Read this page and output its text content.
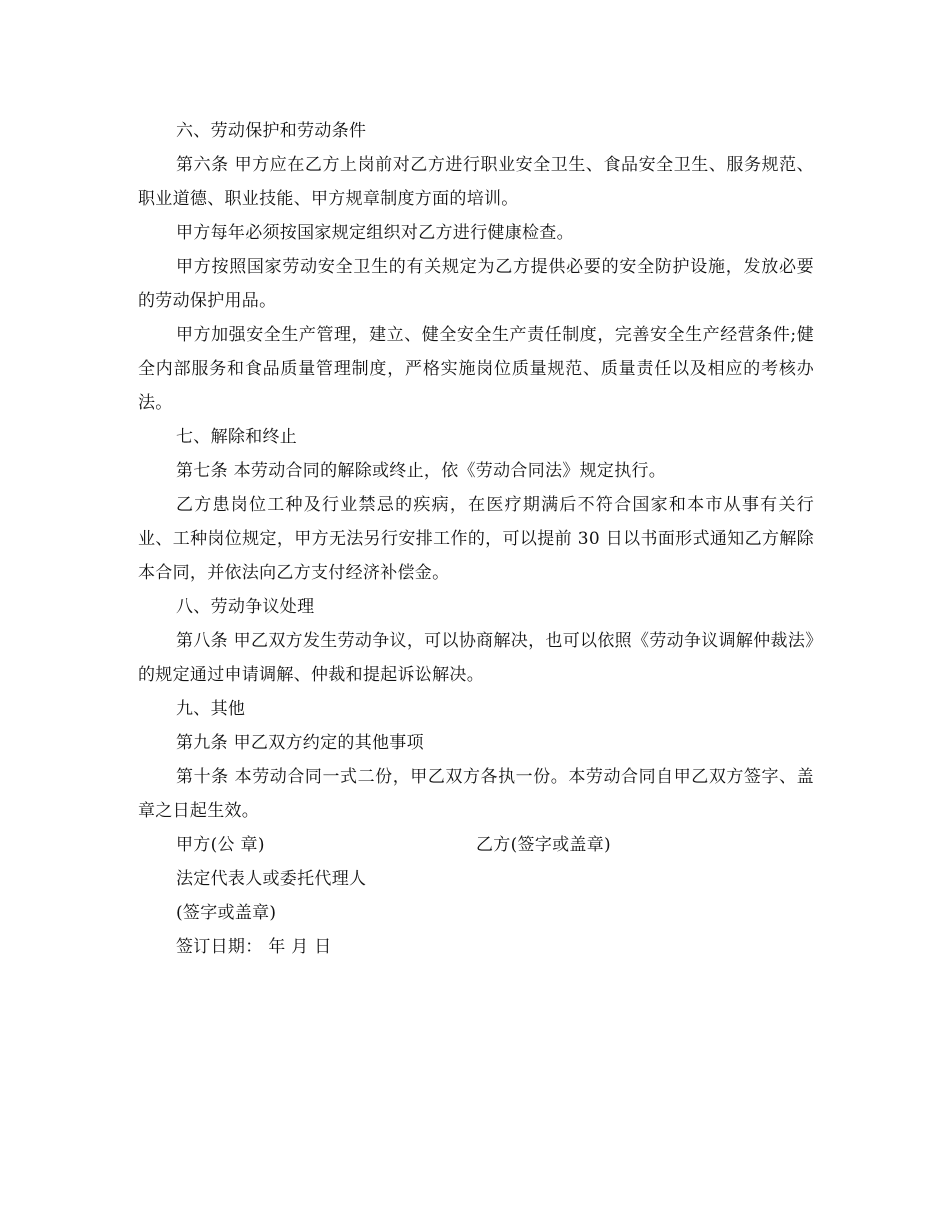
六、劳动保护和劳动条件

第六条 甲方应在乙方上岗前对乙方进行职业安全卫生、食品安全卫生、服务规范、职业道德、职业技能、甲方规章制度方面的培训。

甲方每年必须按国家规定组织对乙方进行健康检查。

甲方按照国家劳动安全卫生的有关规定为乙方提供必要的安全防护设施，发放必要的劳动保护用品。

甲方加强安全生产管理，建立、健全安全生产责任制度，完善安全生产经营条件;健全内部服务和食品质量管理制度，严格实施岗位质量规范、质量责任以及相应的考核办法。

七、解除和终止

第七条 本劳动合同的解除或终止，依《劳动合同法》规定执行。

乙方患岗位工种及行业禁忌的疾病，在医疗期满后不符合国家和本市从事有关行业、工种岗位规定，甲方无法另行安排工作的，可以提前 30 日以书面形式通知乙方解除本合同，并依法向乙方支付经济补偿金。

八、劳动争议处理

第八条 甲乙双方发生劳动争议，可以协商解决，也可以依照《劳动争议调解仲裁法》的规定通过申请调解、仲裁和提起诉讼解决。

九、其他

第九条 甲乙双方约定的其他事项

第十条 本劳动合同一式二份，甲乙双方各执一份。本劳动合同自甲乙双方签字、盖章之日起生效。

甲方(公 章)	乙方(签字或盖章)

法定代表人或委托代理人

(签字或盖章)

签订日期： 年 月 日
